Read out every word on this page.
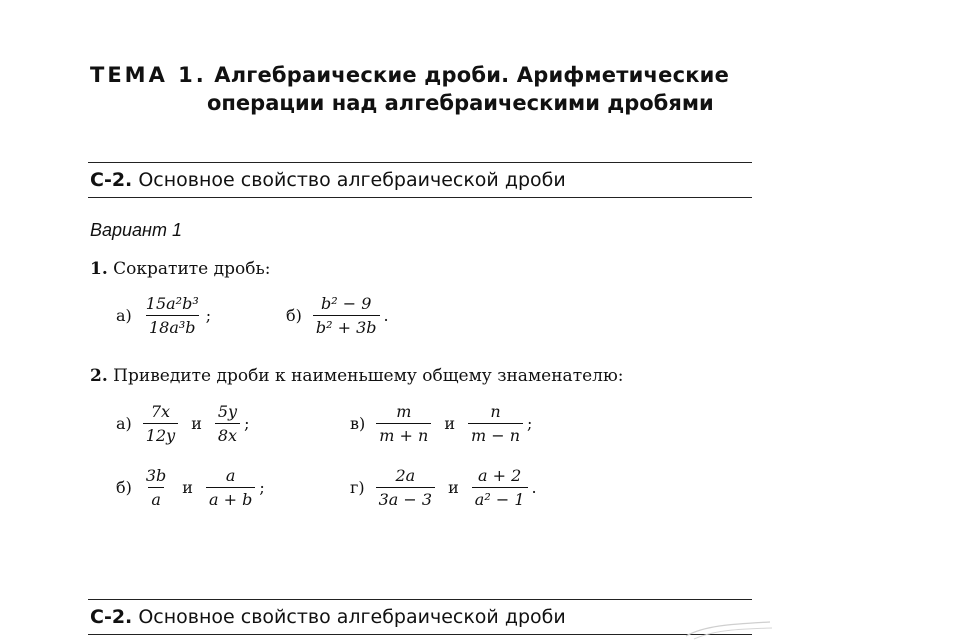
ТЕМА 1. Алгебраические дроби. Арифметические
операции над алгебраическими дробями
С-2. Основное свойство алгебраической дроби
Вариант 1
1. Сократите дробь:
$а) \frac{\text{15a²b³}}{\text{18a³b}}$ ;	$б) \frac{\text{b² − 9}}{\text{b² + 3b}}$ .
2. Приведите дроби к наименьшему общему знаменателю:
$а) \frac{7x}{12y}$ и $\frac{5y}{8x}$ ;	$в) \frac{m}{m + n}$ и $\frac{n}{m - n}$ ;
$б) \frac{3b}{a}$ и $\frac{a}{a + b}$ ;	$г) \frac{2a}{3a - 3}$ и $\frac{a + 2}{\text{a² − 1}}$ .
С-2. Основное свойство алгебраической дроби
